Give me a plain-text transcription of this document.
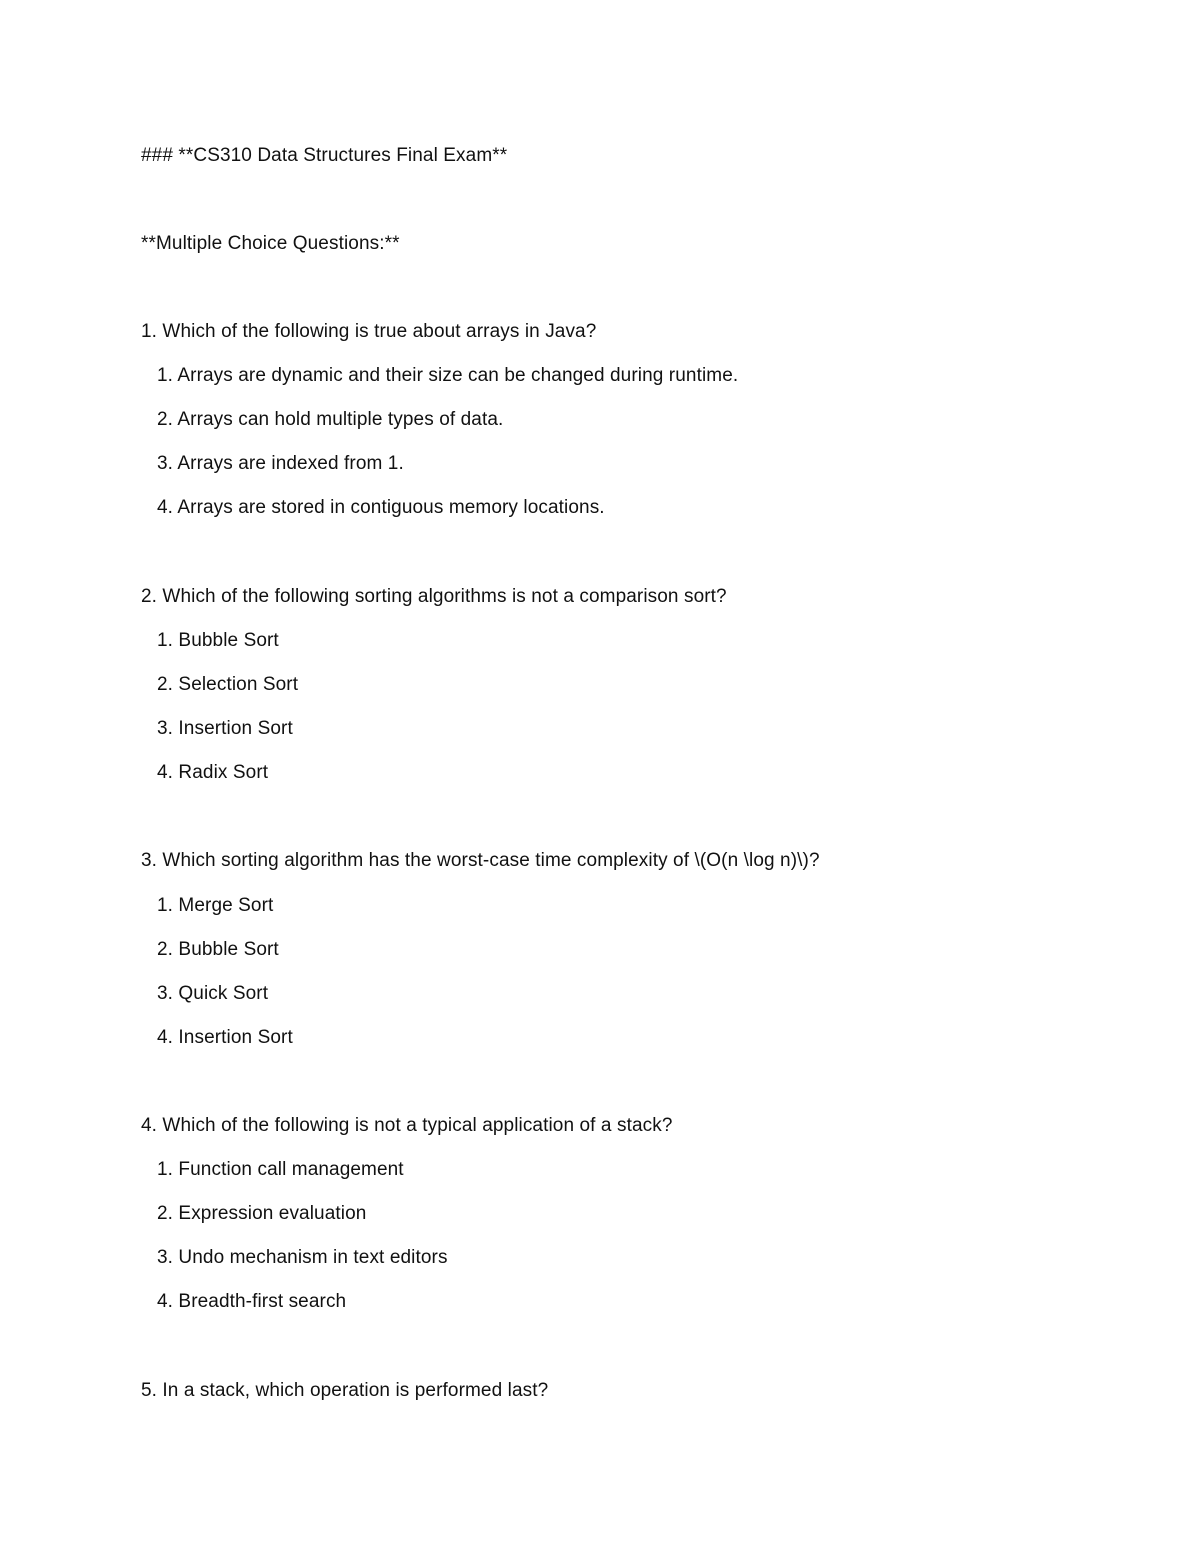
### **CS310 Data Structures Final Exam**
**Multiple Choice Questions:**
1. Which of the following is true about arrays in Java?
1. Arrays are dynamic and their size can be changed during runtime.
2. Arrays can hold multiple types of data.
3. Arrays are indexed from 1.
4. Arrays are stored in contiguous memory locations.
2. Which of the following sorting algorithms is not a comparison sort?
1. Bubble Sort
2. Selection Sort
3. Insertion Sort
4. Radix Sort
3. Which sorting algorithm has the worst-case time complexity of \(O(n \log n)\)?
1. Merge Sort
2. Bubble Sort
3. Quick Sort
4. Insertion Sort
4. Which of the following is not a typical application of a stack?
1. Function call management
2. Expression evaluation
3. Undo mechanism in text editors
4. Breadth-first search
5. In a stack, which operation is performed last?
